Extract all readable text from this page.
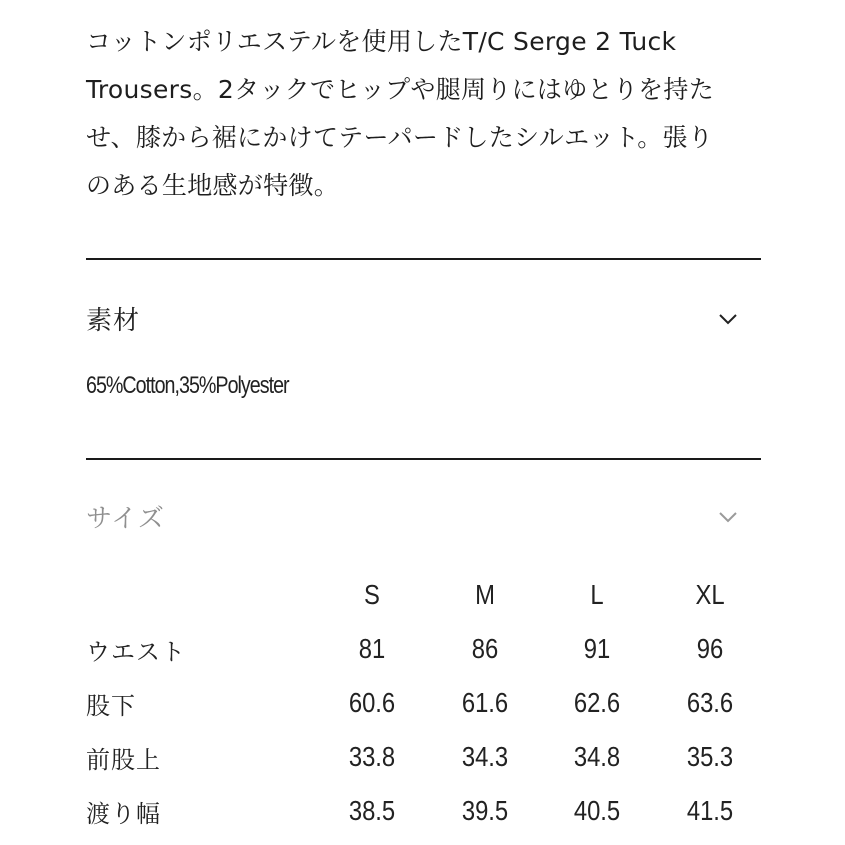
コットンポリエステルを使用したT/C Serge 2 Tuck

Trousers。2タックでヒップや腿周りにはゆとりを持た

せ、膝から裾にかけてテーパードしたシルエット。張り

のある生地感が特徴。

素材
65%Cotton,35%Polyester
サイズ
	S	M	L	XL
ウエスト	81	86	91	96
股下	60.6	61.6	62.6	63.6
前股上	33.8	34.3	34.8	35.3
渡り幅	38.5	39.5	40.5	41.5
